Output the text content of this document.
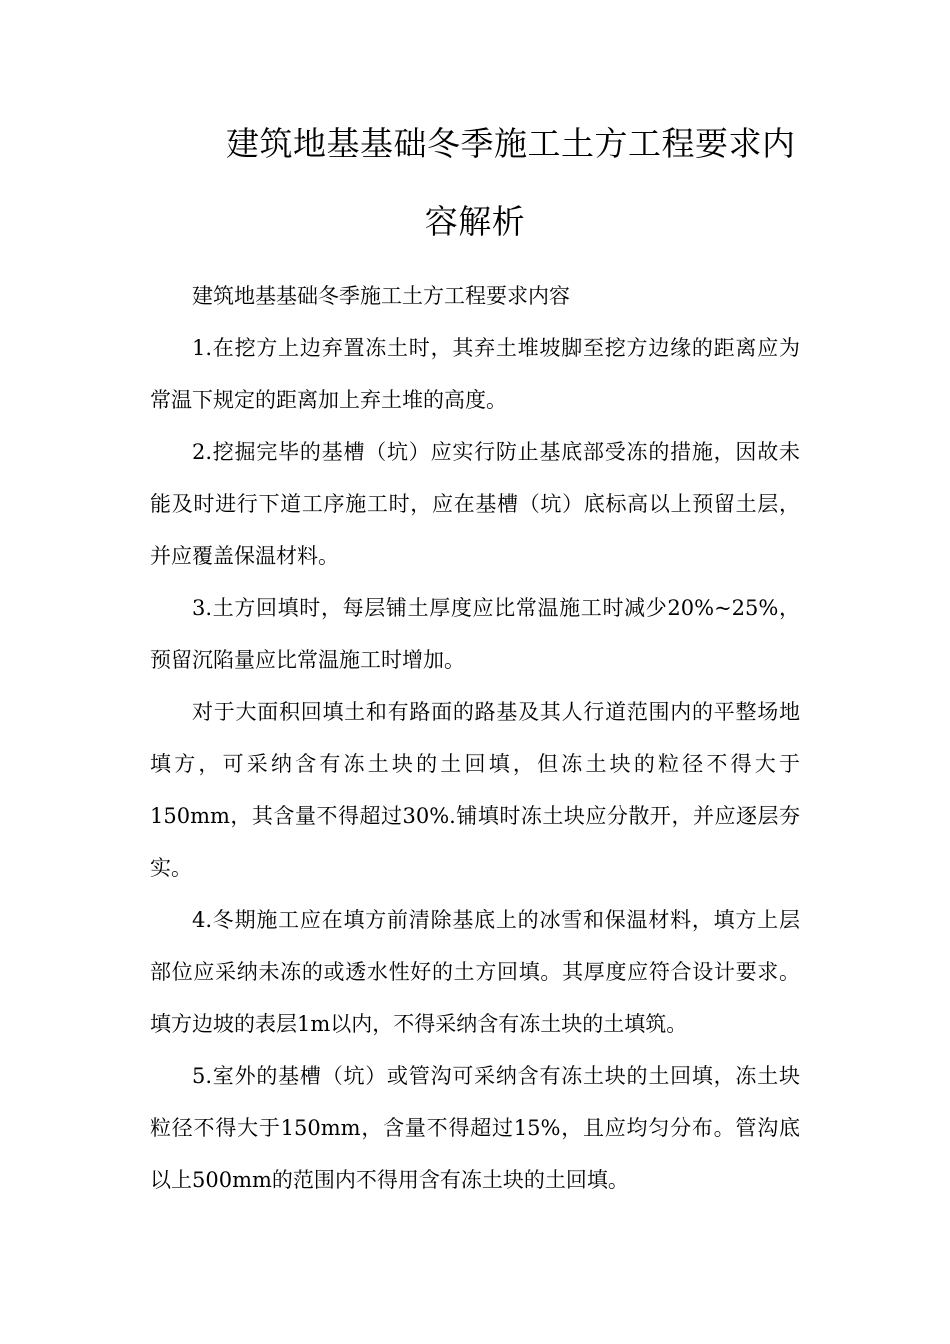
建筑地基基础冬季施工土方工程要求内
容解析

建筑地基基础冬季施工土方工程要求内容

1.在挖方上边弃置冻土时，其弃土堆坡脚至挖方边缘的距离应为常温下规定的距离加上弃土堆的高度。

2.挖掘完毕的基槽（坑）应实行防止基底部受冻的措施，因故未能及时进行下道工序施工时，应在基槽（坑）底标高以上预留土层，并应覆盖保温材料。

3.土方回填时，每层铺土厚度应比常温施工时减少20%~25%，预留沉陷量应比常温施工时增加。

对于大面积回填土和有路面的路基及其人行道范围内的平整场地填方，可采纳含有冻土块的土回填，但冻土块的粒径不得大于150mm，其含量不得超过30%.铺填时冻土块应分散开，并应逐层夯实。

4.冬期施工应在填方前清除基底上的冰雪和保温材料，填方上层部位应采纳未冻的或透水性好的土方回填。其厚度应符合设计要求。填方边坡的表层1m以内，不得采纳含有冻土块的土填筑。

5.室外的基槽（坑）或管沟可采纳含有冻土块的土回填，冻土块粒径不得大于150mm，含量不得超过15%，且应均匀分布。管沟底以上500mm的范围内不得用含有冻土块的土回填。
